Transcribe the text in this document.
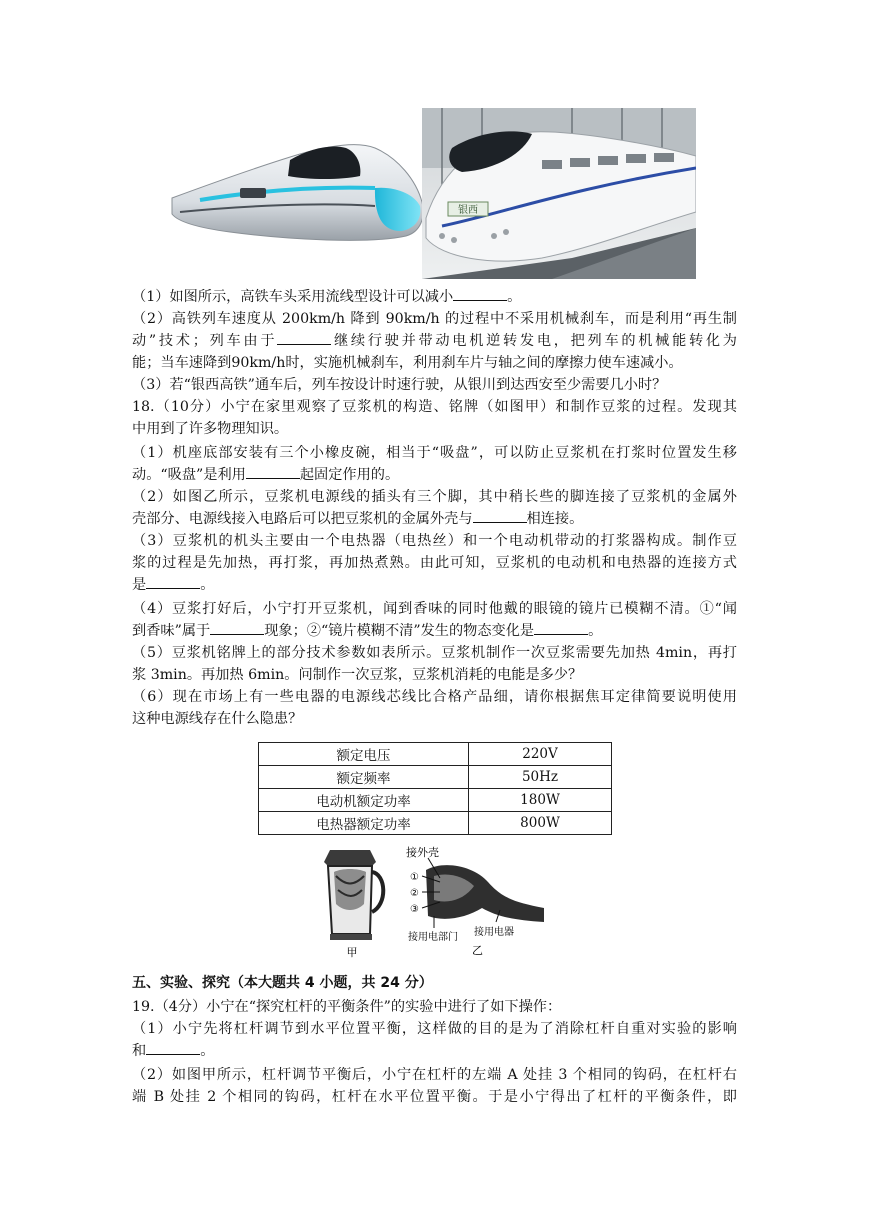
银西
（1）如图所示，高铁车头采用流线型设计可以减小	。
（2）高铁列车速度从 200km/h 降到 90km/h 的过程中不采用机械刹车，而是利用“再生制
动”技术；列车由于	继续行驶并带动电机逆转发电，把列车的机械能转化为
能；当车速降到90km/h时，实施机械刹车，利用刹车片与轴之间的摩擦力使车速减小。
（3）若“银西高铁”通车后，列车按设计时速行驶，从银川到达西安至少需要几小时？
18.（10分）小宁在家里观察了豆浆机的构造、铭牌（如图甲）和制作豆浆的过程。发现其
中用到了许多物理知识。
（1）机座底部安装有三个小橡皮碗，相当于“吸盘”，可以防止豆浆机在打浆时位置发生移
动。“吸盘”是利用	起固定作用的。
（2）如图乙所示，豆浆机电源线的插头有三个脚，其中稍长些的脚连接了豆浆机的金属外
壳部分、电源线接入电路后可以把豆浆机的金属外壳与	相连接。
（3）豆浆机的机头主要由一个电热器（电热丝）和一个电动机带动的打浆器构成。制作豆
浆的过程是先加热，再打浆，再加热煮熟。由此可知，豆浆机的电动机和电热器的连接方式
是	。
（4）豆浆打好后，小宁打开豆浆机，闻到香味的同时他戴的眼镜的镜片已模糊不清。①“闻
到香味”属于	现象；②“镜片模糊不清”发生的物态变化是	。
（5）豆浆机铭牌上的部分技术参数如表所示。豆浆机制作一次豆浆需要先加热 4min，再打
浆 3min。再加热 6min。问制作一次豆浆，豆浆机消耗的电能是多少？
（6）现在市场上有一些电器的电源线芯线比合格产品细，请你根据焦耳定律简要说明使用
这种电源线存在什么隐患？
额定电压	220V
额定频率	50Hz
电动机额定功率	180W
电热器额定功率	800W
甲
接外壳
①
②
③
接用电部门 接用电器
乙
五、实验、探究（本大题共 4 小题，共 24 分）
19.（4分）小宁在“探究杠杆的平衡条件”的实验中进行了如下操作：
（1）小宁先将杠杆调节到水平位置平衡，这样做的目的是为了消除杠杆自重对实验的影响
和	。
（2）如图甲所示，杠杆调节平衡后，小宁在杠杆的左端 A 处挂 3 个相同的钩码，在杠杆右
端 B 处挂 2 个相同的钩码，杠杆在水平位置平衡。于是小宁得出了杠杆的平衡条件，即
